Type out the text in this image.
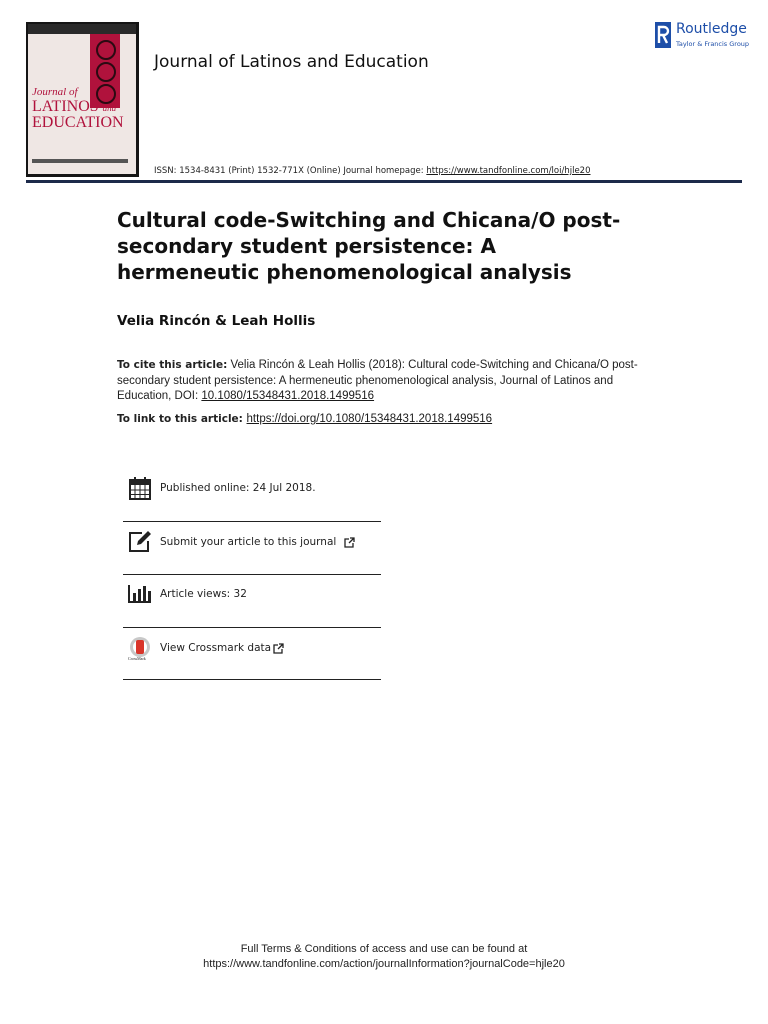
Journal of
LATINOS and
EDUCATION
Journal of Latinos and Education
Routledge
Taylor & Francis Group
ISSN: 1534-8431 (Print) 1532-771X (Online) Journal homepage: https://www.tandfonline.com/loi/hjle20
Cultural code-Switching and Chicana/O post-secondary student persistence: A hermeneutic phenomenological analysis
Velia Rincón & Leah Hollis
To cite this article: Velia Rincón & Leah Hollis (2018): Cultural code-Switching and Chicana/O post-secondary student persistence: A hermeneutic phenomenological analysis, Journal of Latinos and Education, DOI: 10.1080/15348431.2018.1499516
To link to this article: https://doi.org/10.1080/15348431.2018.1499516
Published online: 24 Jul 2018.
Submit your article to this journal
Article views: 32
CrossMark
View Crossmark data
Full Terms & Conditions of access and use can be found at
https://www.tandfonline.com/action/journalInformation?journalCode=hjle20
